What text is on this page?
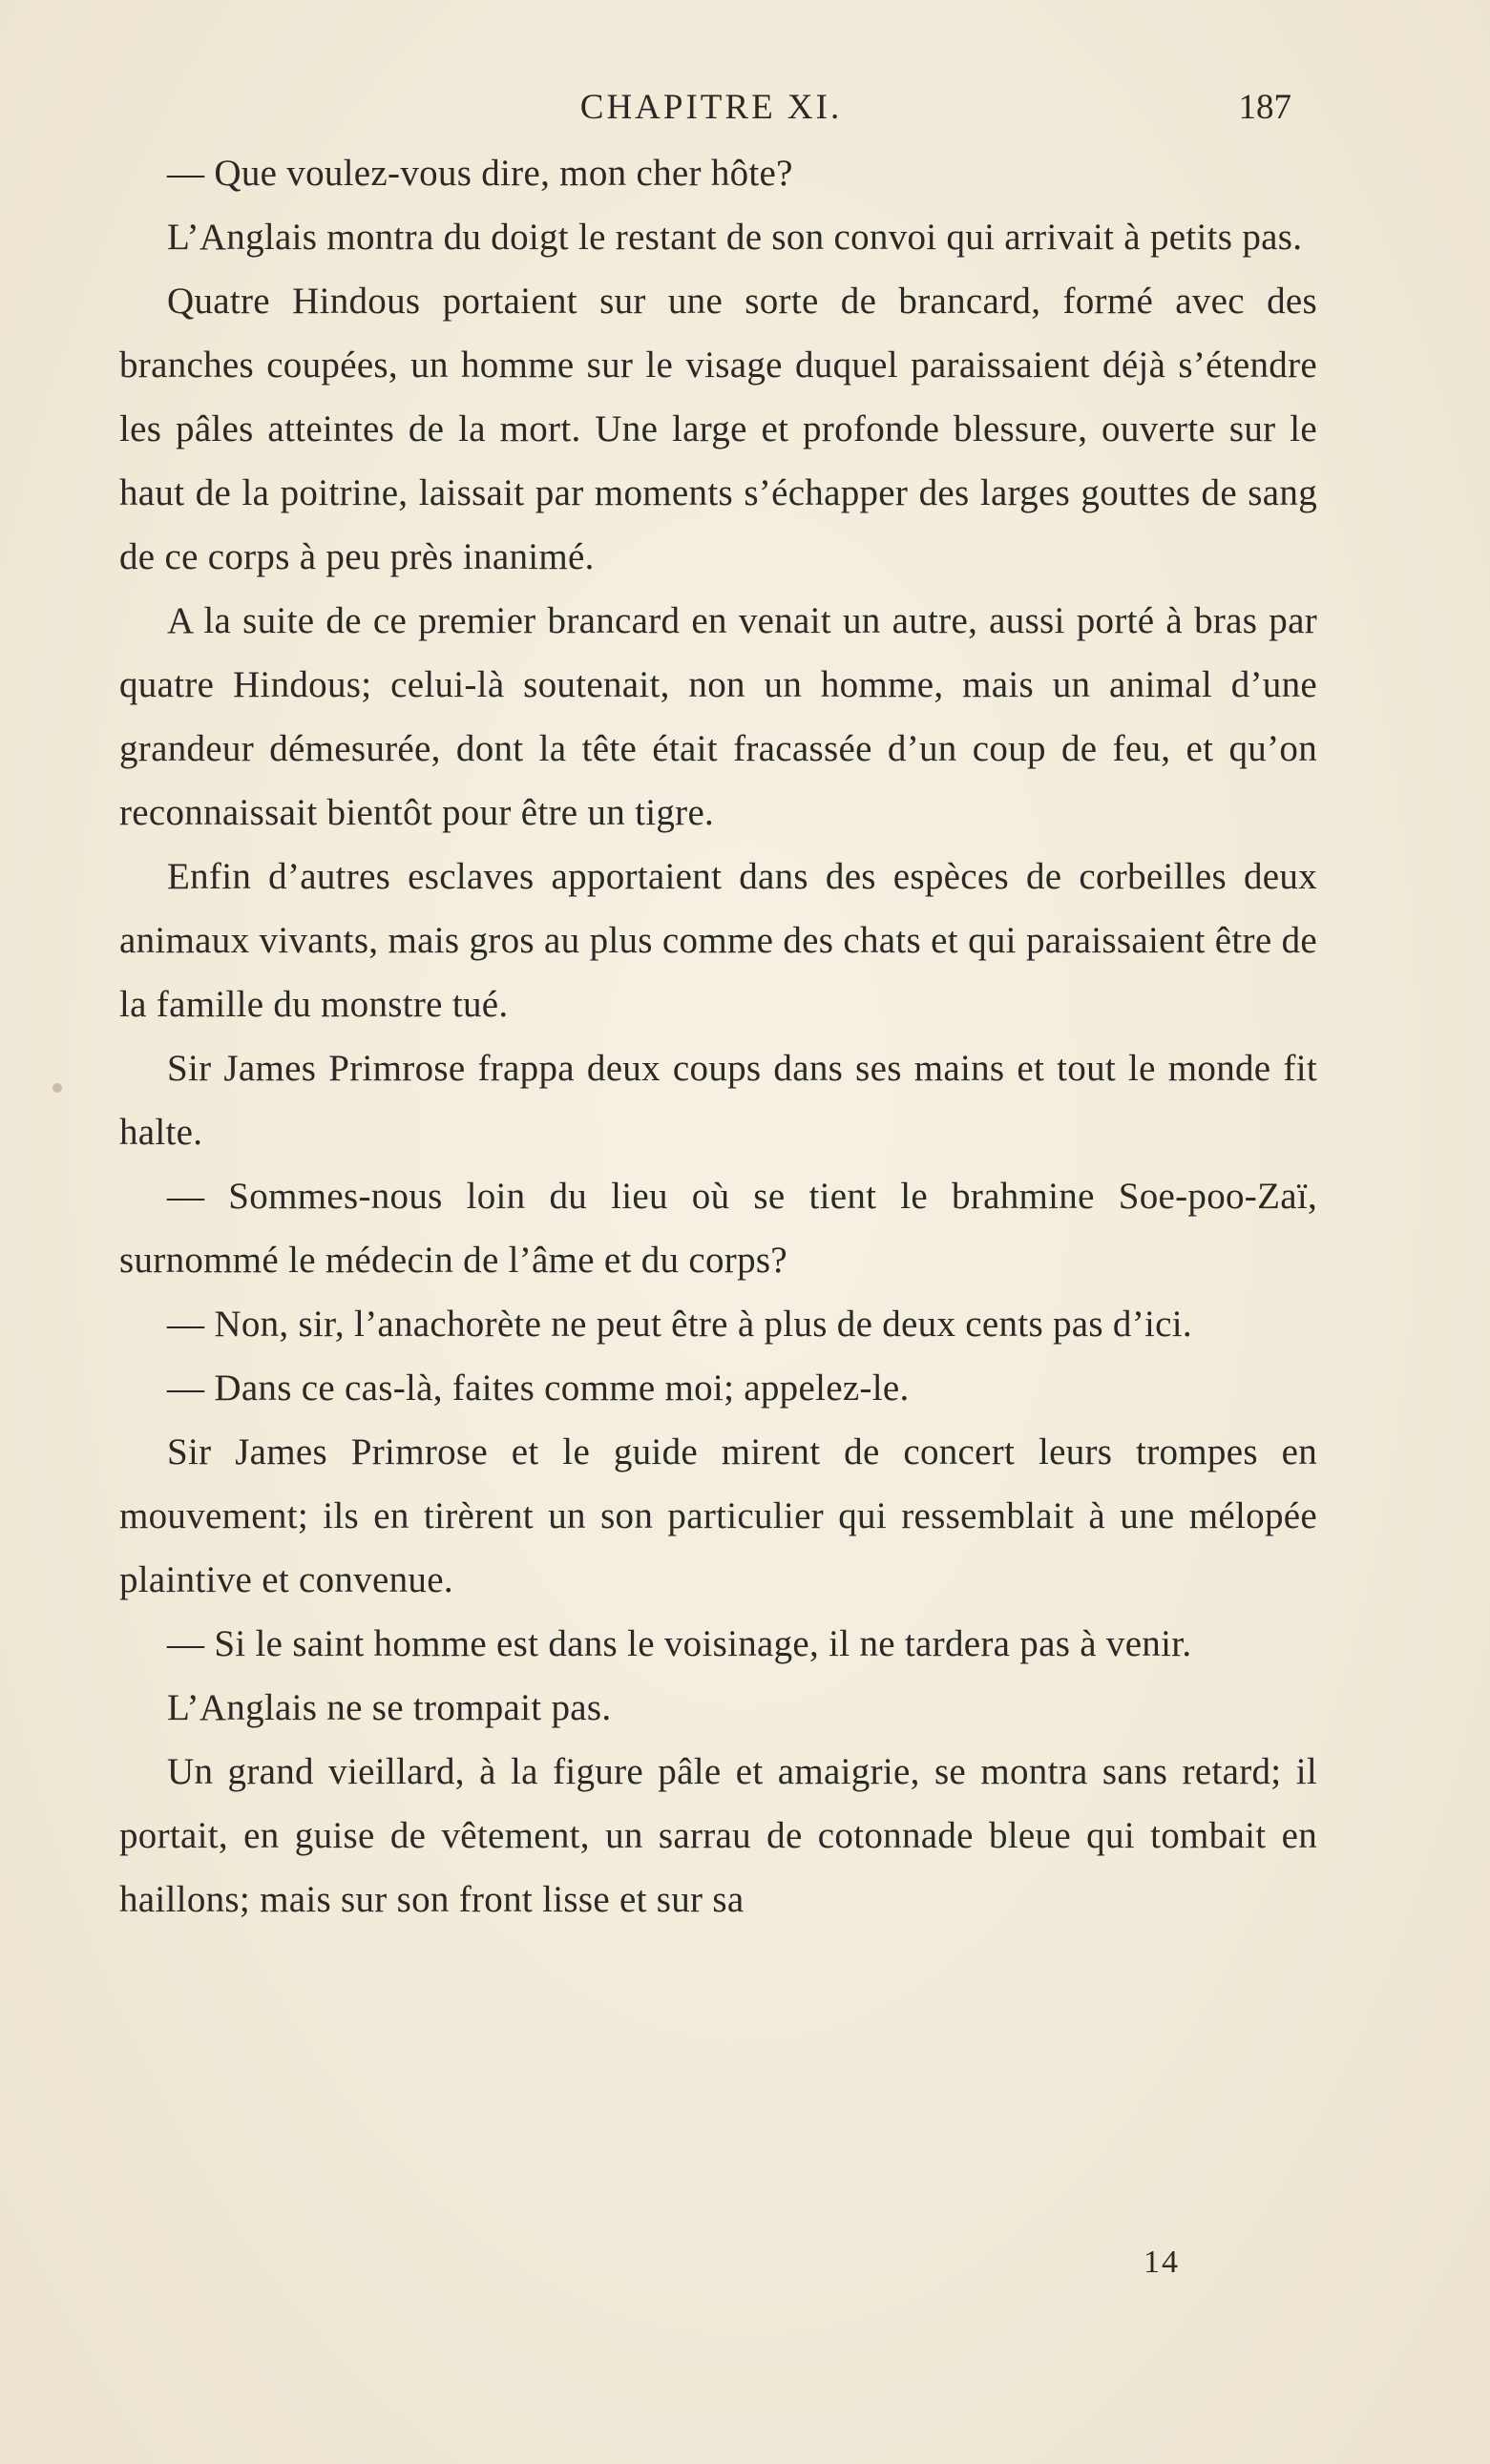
CHAPITRE XI.	187

— Que voulez-vous dire, mon cher hôte?

L’Anglais montra du doigt le restant de son convoi qui arrivait à petits pas.

Quatre Hindous portaient sur une sorte de brancard, formé avec des branches coupées, un homme sur le visage duquel paraissaient déjà s’étendre les pâles atteintes de la mort. Une large et profonde blessure, ouverte sur le haut de la poitrine, laissait par moments s’échapper des larges gouttes de sang de ce corps à peu près inanimé.

A la suite de ce premier brancard en venait un autre, aussi porté à bras par quatre Hindous; celui-là soutenait, non un homme, mais un animal d’une grandeur démesurée, dont la tête était fracassée d’un coup de feu, et qu’on reconnaissait bientôt pour être un tigre.

Enfin d’autres esclaves apportaient dans des espèces de corbeilles deux animaux vivants, mais gros au plus comme des chats et qui paraissaient être de la famille du monstre tué.

Sir James Primrose frappa deux coups dans ses mains et tout le monde fit halte.

— Sommes-nous loin du lieu où se tient le brahmine Soe-poo-Zaï, surnommé le médecin de l’âme et du corps?

— Non, sir, l’anachorète ne peut être à plus de deux cents pas d’ici.

— Dans ce cas-là, faites comme moi; appelez-le.

Sir James Primrose et le guide mirent de concert leurs trompes en mouvement; ils en tirèrent un son particulier qui ressemblait à une mélopée plaintive et convenue.

— Si le saint homme est dans le voisinage, il ne tardera pas à venir.

L’Anglais ne se trompait pas.

Un grand vieillard, à la figure pâle et amaigrie, se montra sans retard; il portait, en guise de vêtement, un sarrau de cotonnade bleue qui tombait en haillons; mais sur son front lisse et sur sa

14
